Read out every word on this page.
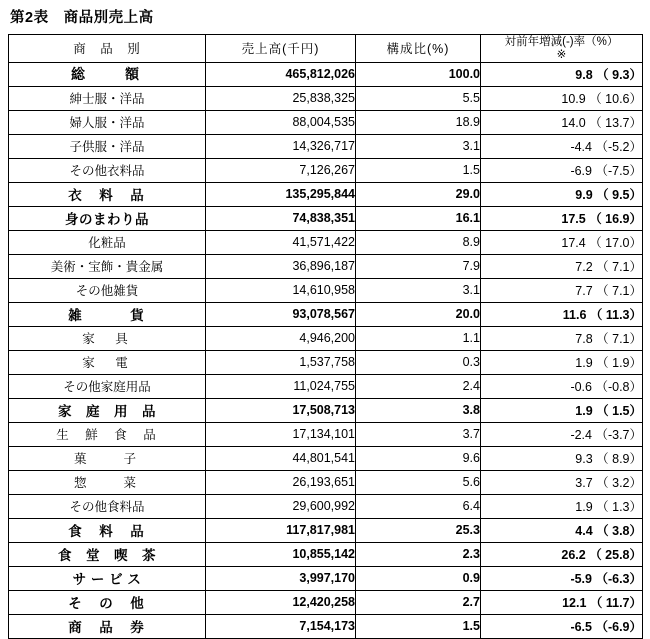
第2表　商品別売上高
商　品　別	売上高(千円)	構成比(%)	対前年増減(-)率（%）
※

総　　額	465,812,026	100.0	9.8 （ 9.3）
紳士服・洋品	25,838,325	5.5	10.9 （ 10.6）
婦人服・洋品	88,004,535	18.9	14.0 （ 13.7）
子供服・洋品	14,326,717	3.1	-4.4 （-5.2）
その他衣料品	7,126,267	1.5	-6.9 （-7.5）
衣　料　品	135,295,844	29.0	9.9 （ 9.5）
身のまわり品	74,838,351	16.1	17.5 （ 16.9）
化粧品	41,571,422	8.9	17.4 （ 17.0）
美術・宝飾・貴金属	36,896,187	7.9	7.2 （ 7.1）
その他雑貨	14,610,958	3.1	7.7 （ 7.1）
雑　　　貨	93,078,567	20.0	11.6 （ 11.3）
家　具	4,946,200	1.1	7.8 （ 7.1）
家　電	1,537,758	0.3	1.9 （ 1.9）
その他家庭用品	11,024,755	2.4	-0.6 （-0.8）
家　庭　用　品	17,508,713	3.8	1.9 （ 1.5）
生　鮮　食　品	17,134,101	3.7	-2.4 （-3.7）
菓　　子	44,801,541	9.6	9.3 （ 8.9）
惣　　菜	26,193,651	5.6	3.7 （ 3.2）
その他食料品	29,600,992	6.4	1.9 （ 1.3）
食　料　品	117,817,981	25.3	4.4 （ 3.8）
食　堂　喫　茶	10,855,142	2.3	26.2 （ 25.8）
サ ー ビ ス	3,997,170	0.9	-5.9 （-6.3）
そ　の　他	12,420,258	2.7	12.1 （ 11.7）
商　品　券	7,154,173	1.5	-6.5 （-6.9）
